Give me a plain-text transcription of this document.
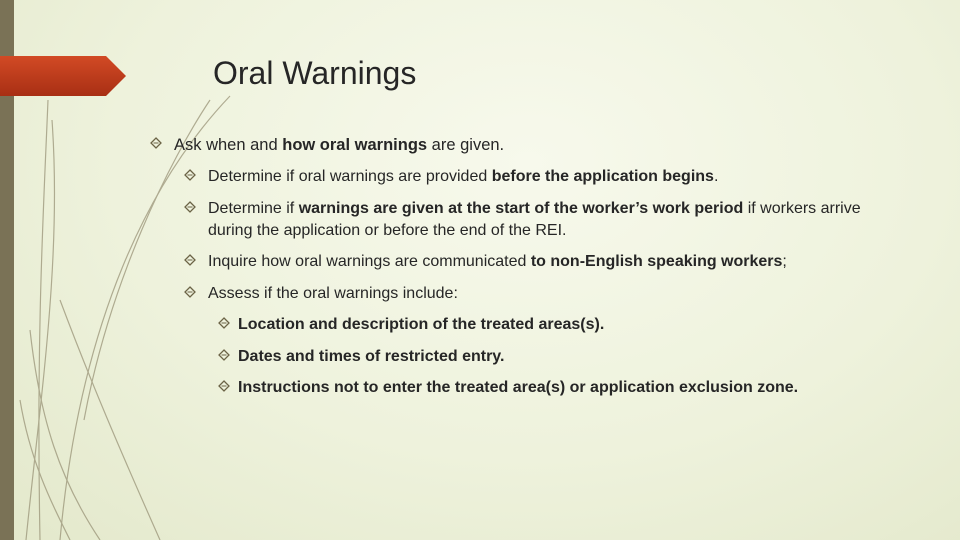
Oral Warnings
Ask when and how oral warnings are given.
Determine if oral warnings are provided before the application begins.
Determine if warnings are given at the start of the worker’s work period if workers arrive during the application or before the end of the REI.
Inquire how oral warnings are communicated to non-English speaking workers;
Assess if the oral warnings include:
Location and description of the treated areas(s).
Dates and times of restricted entry.
Instructions not to enter the treated area(s) or application exclusion zone.
